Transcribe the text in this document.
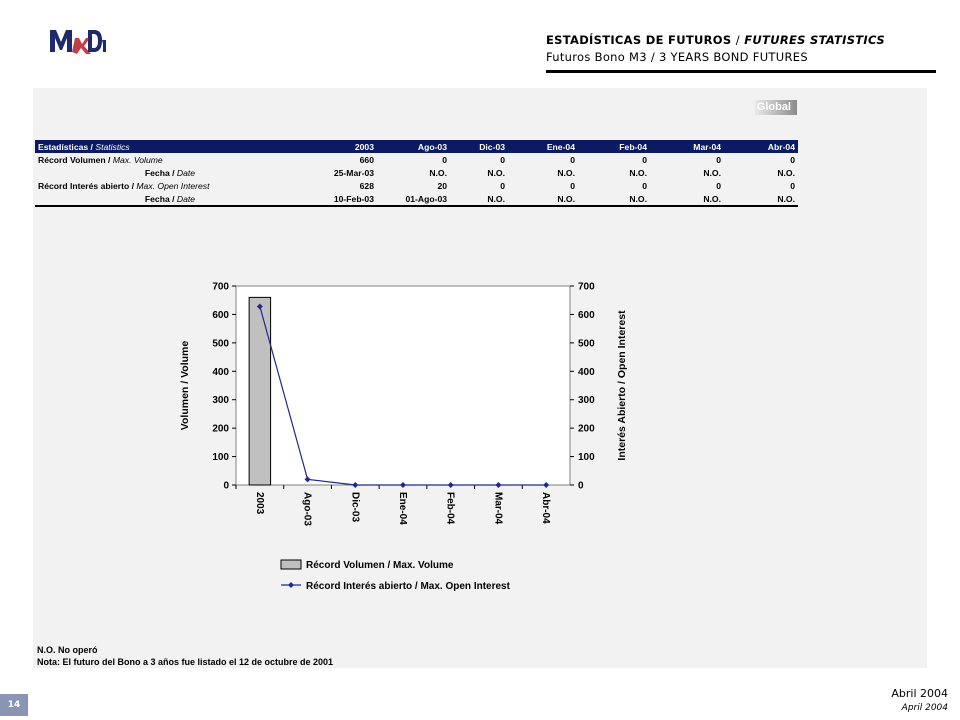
ESTADÍSTICAS DE FUTUROS / FUTURES STATISTICS
Futuros Bono M3 / 3 YEARS BOND FUTURES
Global
Estadísticas / Statistics	2003	Ago-03	Dic-03	Ene-04	Feb-04	Mar-04	Abr-04
Récord Volumen / Max. Volume	660	0	0	0	0	0	0
Fecha / Date	25-Mar-03	N.O.	N.O.	N.O.	N.O.	N.O.	N.O.
Récord Interés abierto / Max. Open Interest	628	20	0	0	0	0	0
Fecha / Date	10-Feb-03	01-Ago-03	N.O.	N.O.	N.O.	N.O.	N.O.
0
100
200
300
400
500
600
700
0
100
200
300
400
500
600
700
Volumen / Volume	Interés Abierto / Open Interest
2003	Ago-03	Dic-03	Ene-04	Feb-04	Mar-04	Abr-04
Récord Volumen / Max. Volume
Récord Interés abierto / Max. Open Interest
N.O. No operó
Nota: El futuro del Bono a 3 años fue listado el 12 de octubre de 2001
14
Abril 2004
April 2004
